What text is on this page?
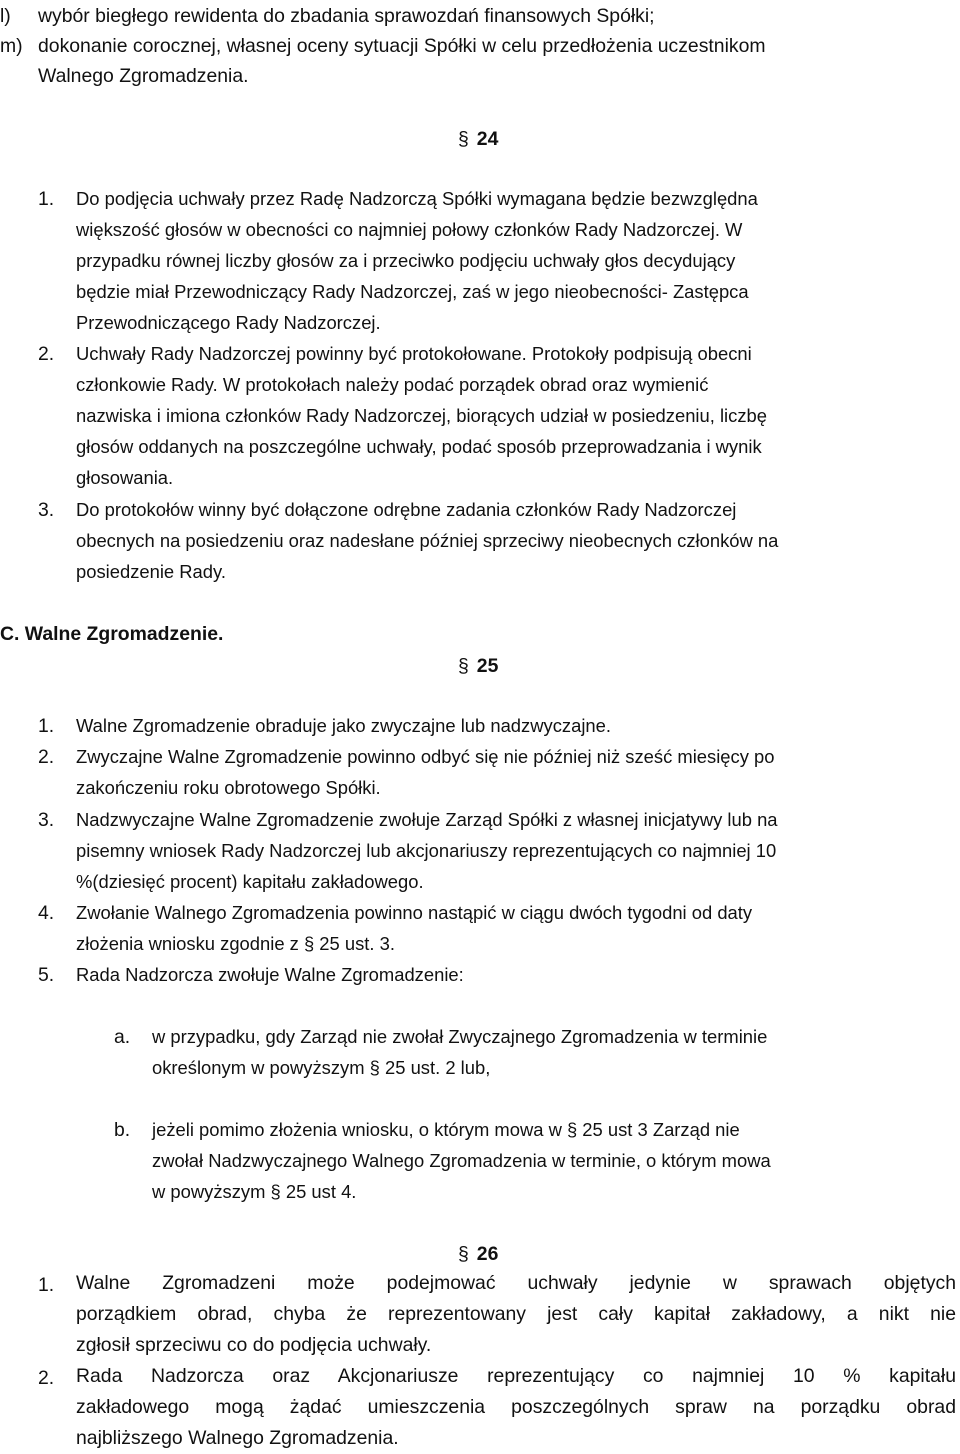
l) wybór biegłego rewidenta do zbadania sprawozdań finansowych Spółki;
m) dokonanie corocznej, własnej oceny sytuacji Spółki w celu przedłożenia uczestnikom
Walnego Zgromadzenia.
§ 24
1. Do podjęcia uchwały przez Radę Nadzorczą Spółki wymagana będzie bezwzględna
większość głosów w obecności co najmniej połowy członków Rady Nadzorczej. W
przypadku równej liczby głosów za i przeciwko podjęciu uchwały głos decydujący
będzie miał Przewodniczący Rady Nadzorczej, zaś w jego nieobecności- Zastępca
Przewodniczącego Rady Nadzorczej.
2. Uchwały Rady Nadzorczej powinny być protokołowane. Protokoły podpisują obecni
członkowie Rady. W protokołach należy podać porządek obrad oraz wymienić
nazwiska i imiona członków Rady Nadzorczej, biorących udział w posiedzeniu, liczbę
głosów oddanych na poszczególne uchwały, podać sposób przeprowadzania i wynik
głosowania.
3. Do protokołów winny być dołączone odrębne zadania członków Rady Nadzorczej
obecnych na posiedzeniu oraz nadesłane później sprzeciwy nieobecnych członków na
posiedzenie Rady.
C. Walne Zgromadzenie.
§ 25
1. Walne Zgromadzenie obraduje jako zwyczajne lub nadzwyczajne.
2. Zwyczajne Walne Zgromadzenie powinno odbyć się nie później niż sześć miesięcy po
zakończeniu roku obrotowego Spółki.
3. Nadzwyczajne Walne Zgromadzenie zwołuje Zarząd Spółki z własnej inicjatywy lub na
pisemny wniosek Rady Nadzorczej lub akcjonariuszy reprezentujących co najmniej 10
%(dziesięć procent) kapitału zakładowego.
4. Zwołanie Walnego Zgromadzenia powinno nastąpić w ciągu dwóch tygodni od daty
złożenia wniosku zgodnie z § 25 ust. 3.
5. Rada Nadzorcza zwołuje Walne Zgromadzenie:
a. w przypadku, gdy Zarząd nie zwołał Zwyczajnego Zgromadzenia w terminie
określonym w powyższym § 25 ust. 2 lub,
b. jeżeli pomimo złożenia wniosku, o którym mowa w § 25 ust 3 Zarząd nie
zwołał Nadzwyczajnego Walnego Zgromadzenia w terminie, o którym mowa
w powyższym § 25 ust 4.
§ 26
1. Walne Zgromadzeni może podejmować uchwały jedynie w sprawach objętych
porządkiem obrad, chyba że reprezentowany jest cały kapitał zakładowy, a nikt nie
zgłosił sprzeciwu co do podjęcia uchwały.
2. Rada Nadzorcza oraz Akcjonariusze reprezentujący co najmniej 10 % kapitału
zakładowego mogą żądać umieszczenia poszczególnych spraw na porządku obrad
najbliższego Walnego Zgromadzenia.
